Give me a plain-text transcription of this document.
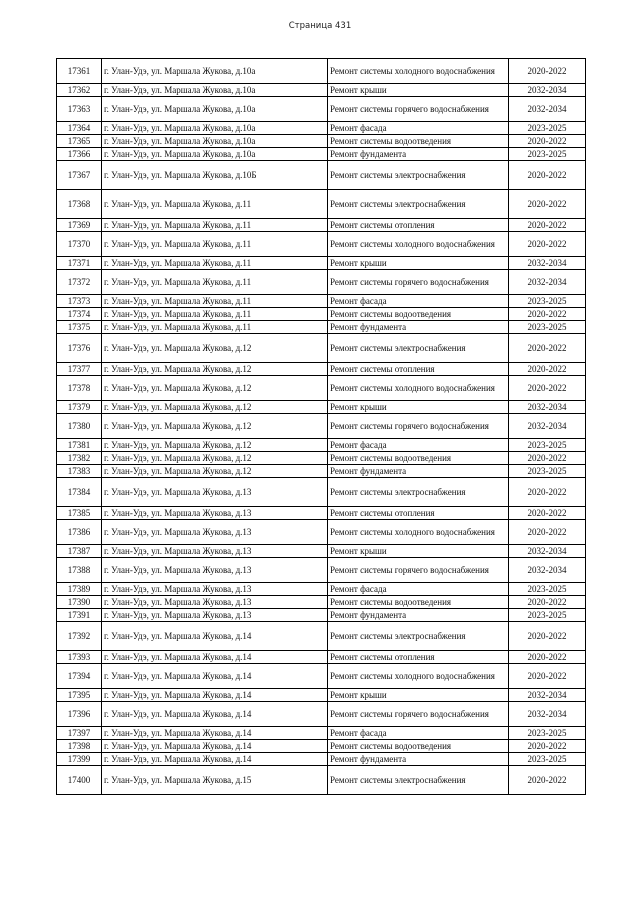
Страница 431
17361	г. Улан-Удэ, ул. Маршала Жукова, д.10а	Ремонт системы холодного водоснабжения	2020-2022
17362	г. Улан-Удэ, ул. Маршала Жукова, д.10а	Ремонт крыши	2032-2034
17363	г. Улан-Удэ, ул. Маршала Жукова, д.10а	Ремонт системы горячего водоснабжения	2032-2034
17364	г. Улан-Удэ, ул. Маршала Жукова, д.10а	Ремонт фасада	2023-2025
17365	г. Улан-Удэ, ул. Маршала Жукова, д.10а	Ремонт системы водоотведения	2020-2022
17366	г. Улан-Удэ, ул. Маршала Жукова, д.10а	Ремонт фундамента	2023-2025
17367	г. Улан-Удэ, ул. Маршала Жукова, д.10Б	Ремонт системы электроснабжения	2020-2022
17368	г. Улан-Удэ, ул. Маршала Жукова, д.11	Ремонт системы электроснабжения	2020-2022
17369	г. Улан-Удэ, ул. Маршала Жукова, д.11	Ремонт системы отопления	2020-2022
17370	г. Улан-Удэ, ул. Маршала Жукова, д.11	Ремонт системы холодного водоснабжения	2020-2022
17371	г. Улан-Удэ, ул. Маршала Жукова, д.11	Ремонт крыши	2032-2034
17372	г. Улан-Удэ, ул. Маршала Жукова, д.11	Ремонт системы горячего водоснабжения	2032-2034
17373	г. Улан-Удэ, ул. Маршала Жукова, д.11	Ремонт фасада	2023-2025
17374	г. Улан-Удэ, ул. Маршала Жукова, д.11	Ремонт системы водоотведения	2020-2022
17375	г. Улан-Удэ, ул. Маршала Жукова, д.11	Ремонт фундамента	2023-2025
17376	г. Улан-Удэ, ул. Маршала Жукова, д.12	Ремонт системы электроснабжения	2020-2022
17377	г. Улан-Удэ, ул. Маршала Жукова, д.12	Ремонт системы отопления	2020-2022
17378	г. Улан-Удэ, ул. Маршала Жукова, д.12	Ремонт системы холодного водоснабжения	2020-2022
17379	г. Улан-Удэ, ул. Маршала Жукова, д.12	Ремонт крыши	2032-2034
17380	г. Улан-Удэ, ул. Маршала Жукова, д.12	Ремонт системы горячего водоснабжения	2032-2034
17381	г. Улан-Удэ, ул. Маршала Жукова, д.12	Ремонт фасада	2023-2025
17382	г. Улан-Удэ, ул. Маршала Жукова, д.12	Ремонт системы водоотведения	2020-2022
17383	г. Улан-Удэ, ул. Маршала Жукова, д.12	Ремонт фундамента	2023-2025
17384	г. Улан-Удэ, ул. Маршала Жукова, д.13	Ремонт системы электроснабжения	2020-2022
17385	г. Улан-Удэ, ул. Маршала Жукова, д.13	Ремонт системы отопления	2020-2022
17386	г. Улан-Удэ, ул. Маршала Жукова, д.13	Ремонт системы холодного водоснабжения	2020-2022
17387	г. Улан-Удэ, ул. Маршала Жукова, д.13	Ремонт крыши	2032-2034
17388	г. Улан-Удэ, ул. Маршала Жукова, д.13	Ремонт системы горячего водоснабжения	2032-2034
17389	г. Улан-Удэ, ул. Маршала Жукова, д.13	Ремонт фасада	2023-2025
17390	г. Улан-Удэ, ул. Маршала Жукова, д.13	Ремонт системы водоотведения	2020-2022
17391	г. Улан-Удэ, ул. Маршала Жукова, д.13	Ремонт фундамента	2023-2025
17392	г. Улан-Удэ, ул. Маршала Жукова, д.14	Ремонт системы электроснабжения	2020-2022
17393	г. Улан-Удэ, ул. Маршала Жукова, д.14	Ремонт системы отопления	2020-2022
17394	г. Улан-Удэ, ул. Маршала Жукова, д.14	Ремонт системы холодного водоснабжения	2020-2022
17395	г. Улан-Удэ, ул. Маршала Жукова, д.14	Ремонт крыши	2032-2034
17396	г. Улан-Удэ, ул. Маршала Жукова, д.14	Ремонт системы горячего водоснабжения	2032-2034
17397	г. Улан-Удэ, ул. Маршала Жукова, д.14	Ремонт фасада	2023-2025
17398	г. Улан-Удэ, ул. Маршала Жукова, д.14	Ремонт системы водоотведения	2020-2022
17399	г. Улан-Удэ, ул. Маршала Жукова, д.14	Ремонт фундамента	2023-2025
17400	г. Улан-Удэ, ул. Маршала Жукова, д.15	Ремонт системы электроснабжения	2020-2022
